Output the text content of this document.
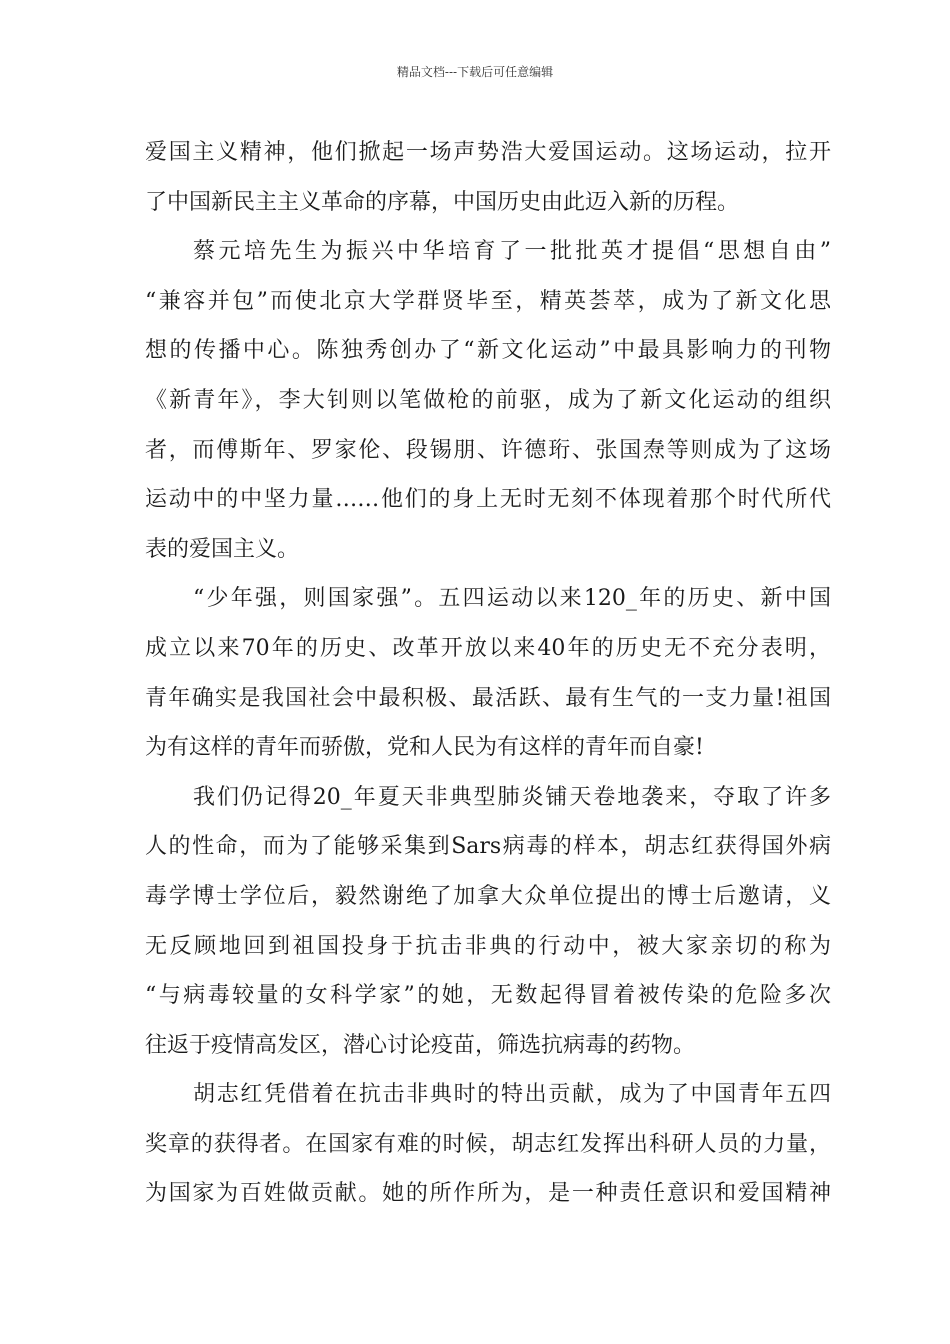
精品文档---下载后可任意编辑
爱国主义精神，他们掀起一场声势浩大爱国运动。这场运动，拉开
了中国新民主主义革命的序幕，中国历史由此迈入新的历程。
蔡元培先生为振兴中华培育了一批批英才提倡“思想自由”
“兼容并包”而使北京大学群贤毕至，精英荟萃，成为了新文化思
想的传播中心。陈独秀创办了“新文化运动”中最具影响力的刊物
《新青年》，李大钊则以笔做枪的前驱，成为了新文化运动的组织
者，而傅斯年、罗家伦、段锡朋、许德珩、张国焘等则成为了这场
运动中的中坚力量……他们的身上无时无刻不体现着那个时代所代
表的爱国主义。
“少年强，则国家强”。五四运动以来120_年的历史、新中国
成立以来70年的历史、改革开放以来40年的历史无不充分表明，
青年确实是我国社会中最积极、最活跃、最有生气的一支力量!祖国
为有这样的青年而骄傲，党和人民为有这样的青年而自豪!
我们仍记得20_年夏天非典型肺炎铺天卷地袭来，夺取了许多
人的性命，而为了能够采集到Sars病毒的样本，胡志红获得国外病
毒学博士学位后，毅然谢绝了加拿大众单位提出的博士后邀请，义
无反顾地回到祖国投身于抗击非典的行动中，被大家亲切的称为
“与病毒较量的女科学家”的她，无数起得冒着被传染的危险多次
往返于疫情高发区，潜心讨论疫苗，筛选抗病毒的药物。
胡志红凭借着在抗击非典时的特出贡献，成为了中国青年五四
奖章的获得者。在国家有难的时候，胡志红发挥出科研人员的力量，
为国家为百姓做贡献。她的所作所为，是一种责任意识和爱国精神
